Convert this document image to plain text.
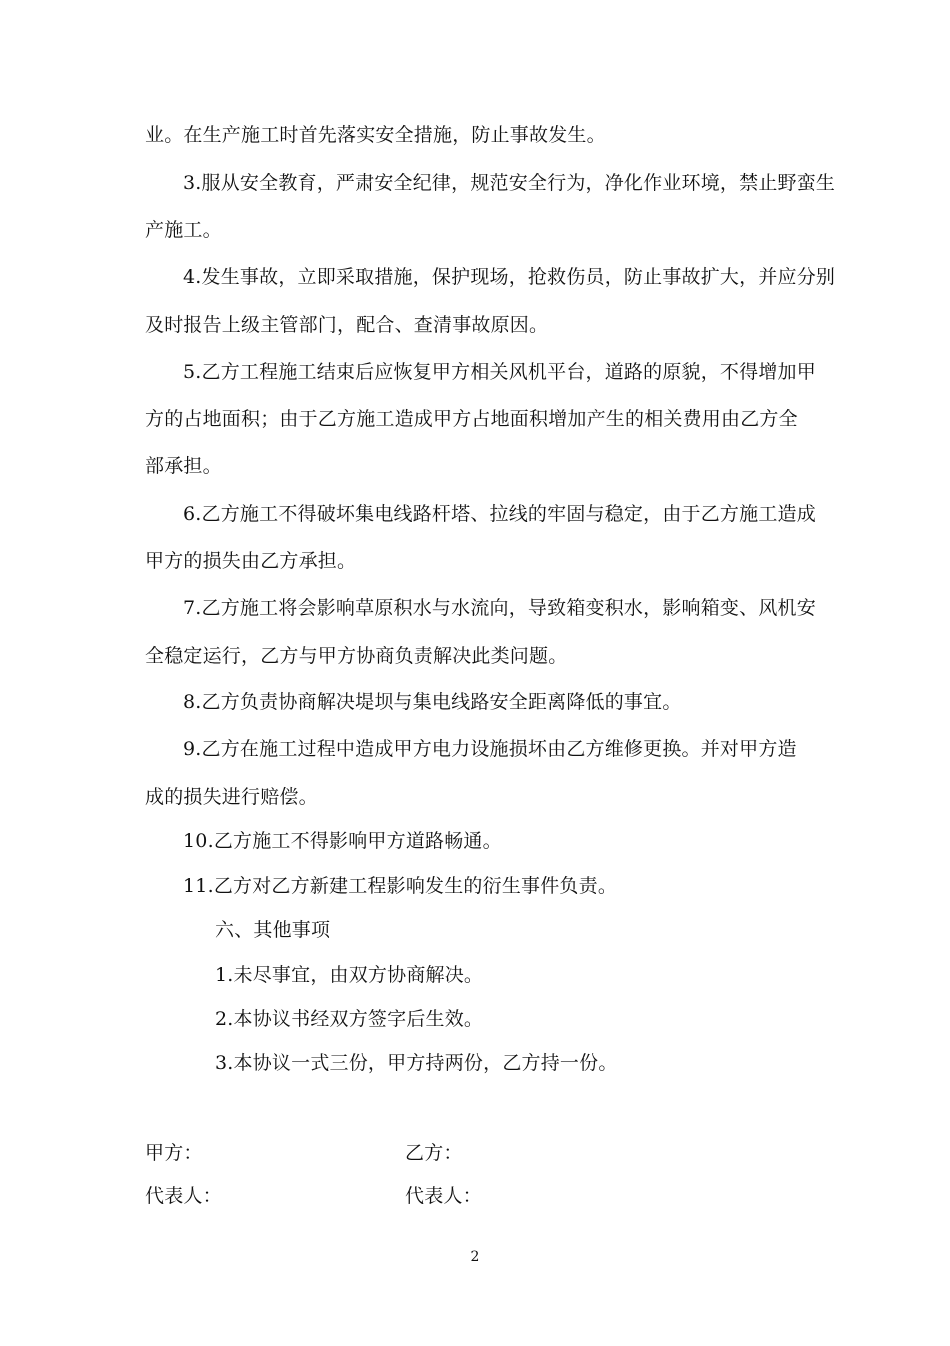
业。在生产施工时首先落实安全措施，防止事故发生。
3.服从安全教育，严肃安全纪律，规范安全行为，净化作业环境，禁止野蛮生
产施工。
4.发生事故，立即采取措施，保护现场，抢救伤员，防止事故扩大，并应分别
及时报告上级主管部门，配合、查清事故原因。
5.乙方工程施工结束后应恢复甲方相关风机平台，道路的原貌，不得增加甲
方的占地面积；由于乙方施工造成甲方占地面积增加产生的相关费用由乙方全
部承担。
6.乙方施工不得破坏集电线路杆塔、拉线的牢固与稳定，由于乙方施工造成
甲方的损失由乙方承担。
7.乙方施工将会影响草原积水与水流向，导致箱变积水，影响箱变、风机安
全稳定运行，乙方与甲方协商负责解决此类问题。
8.乙方负责协商解决堤坝与集电线路安全距离降低的事宜。
9.乙方在施工过程中造成甲方电力设施损坏由乙方维修更换。并对甲方造
成的损失进行赔偿。
10.乙方施工不得影响甲方道路畅通。
11.乙方对乙方新建工程影响发生的衍生事件负责。
六、其他事项
1.未尽事宜，由双方协商解决。
2.本协议书经双方签字后生效。
3.本协议一式三份，甲方持两份，乙方持一份。
甲方：	乙方：
代表人：	代表人：
2
